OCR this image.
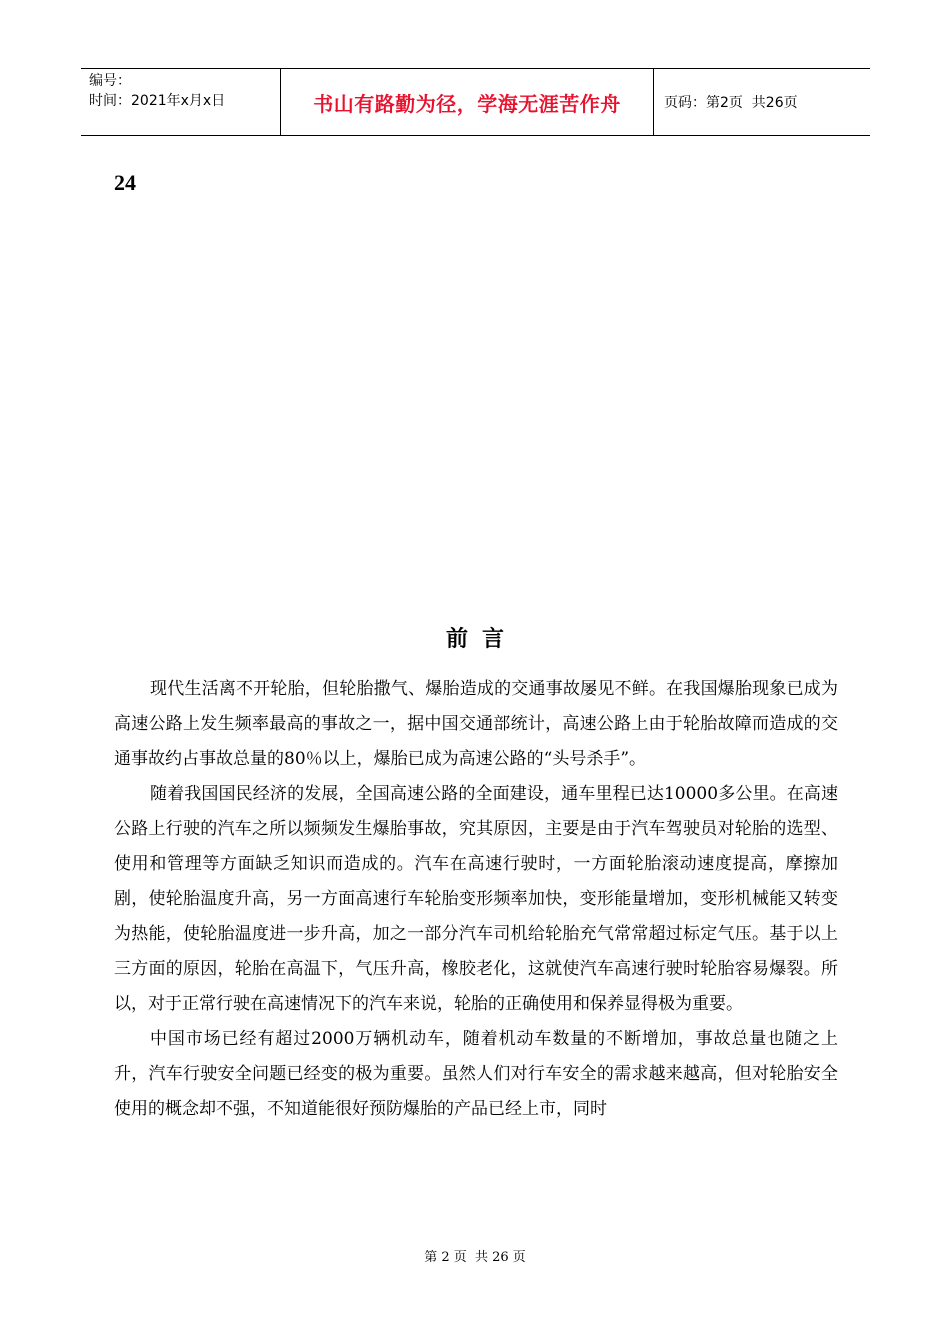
编号：
时间：2021年x月x日	书山有路勤为径，学海无涯苦作舟	页码：第2页  共26页
24
前言

现代生活离不开轮胎，但轮胎撒气、爆胎造成的交通事故屡见不鲜。在我国爆胎现象已成为高速公路上发生频率最高的事故之一，据中国交通部统计，高速公路上由于轮胎故障而造成的交通事故约占事故总量的80％以上，爆胎已成为高速公路的“头号杀手”。

随着我国国民经济的发展，全国高速公路的全面建设，通车里程已达10000多公里。在高速公路上行驶的汽车之所以频频发生爆胎事故，究其原因，主要是由于汽车驾驶员对轮胎的选型、使用和管理等方面缺乏知识而造成的。汽车在高速行驶时，一方面轮胎滚动速度提高，摩擦加剧，使轮胎温度升高，另一方面高速行车轮胎变形频率加快，变形能量增加，变形机械能又转变为热能，使轮胎温度进一步升高，加之一部分汽车司机给轮胎充气常常超过标定气压。基于以上三方面的原因，轮胎在高温下，气压升高，橡胶老化，这就使汽车高速行驶时轮胎容易爆裂。所以，对于正常行驶在高速情况下的汽车来说，轮胎的正确使用和保养显得极为重要。

中国市场已经有超过2000万辆机动车，随着机动车数量的不断增加，事故总量也随之上升，汽车行驶安全问题已经变的极为重要。虽然人们对行车安全的需求越来越高，但对轮胎安全使用的概念却不强，不知道能很好预防爆胎的产品已经上市，同时

第 2 页  共 26 页
